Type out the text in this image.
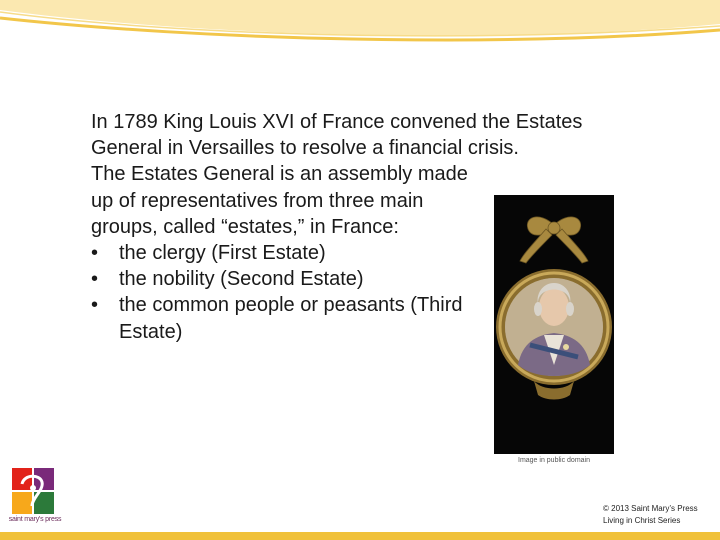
In 1789 King Louis XVI of France convened the Estates General in Versailles to resolve a financial crisis.

The Estates General is an assembly made up of representatives from three main groups, called “estates,” in France:

•	the clergy (First Estate)
•	the nobility (Second Estate)
•	the common people or peasants (Third Estate)
Image in public domain
saint mary's press
© 2013 Saint Mary’s Press
Living in Christ Series
